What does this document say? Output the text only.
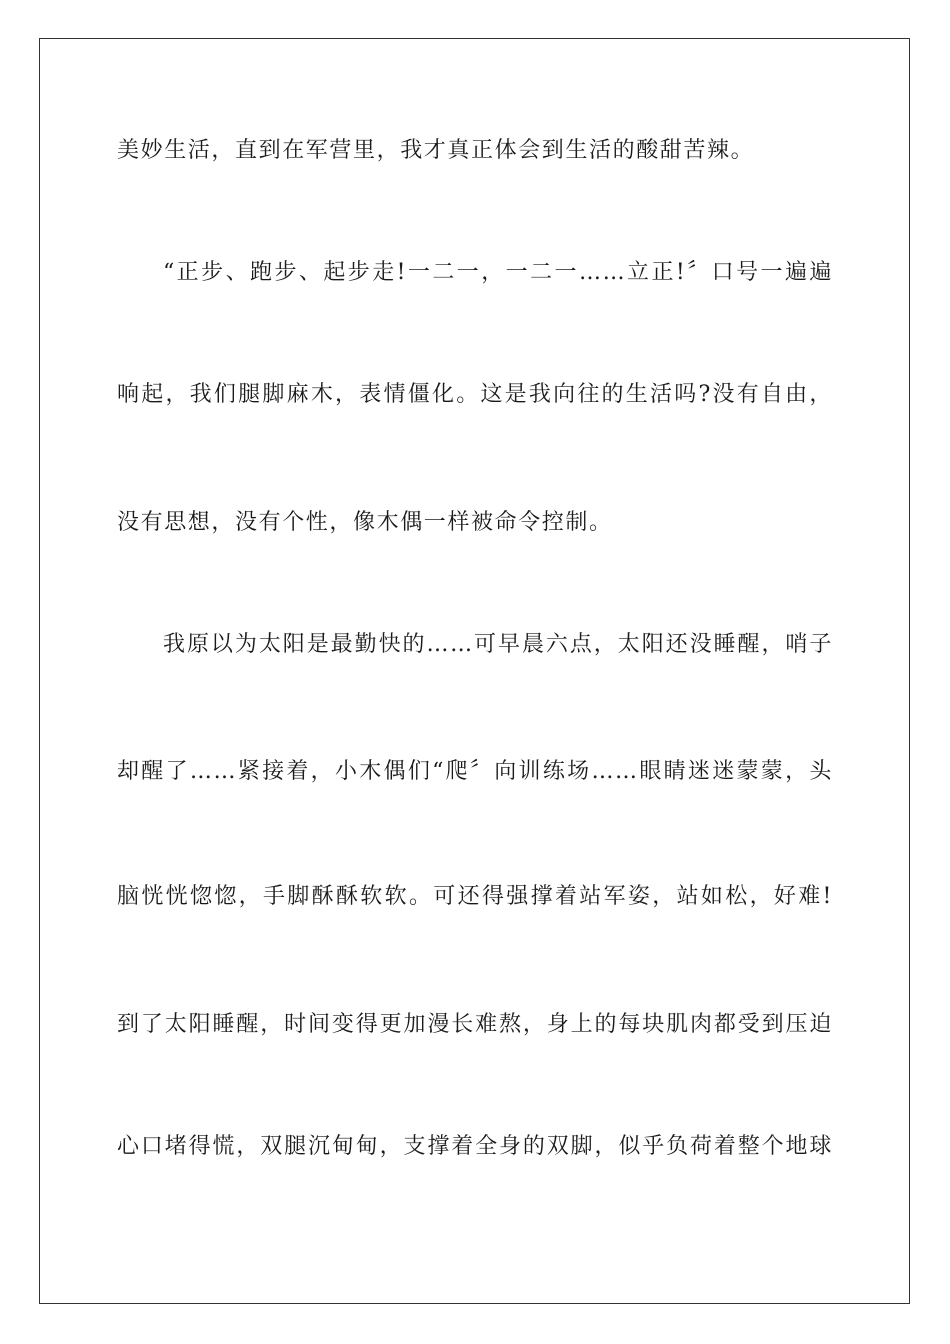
美妙生活，直到在军营里，我才真正体会到生活的酸甜苦辣。
“正步、跑步、起步走!一二一，一二一……立正!〞口号一遍遍
响起，我们腿脚麻木，表情僵化。这是我向往的生活吗?没有自由，
没有思想，没有个性，像木偶一样被命令控制。
我原以为太阳是最勤快的……可早晨六点，太阳还没睡醒，哨子
却醒了……紧接着，小木偶们“爬〞向训练场……眼睛迷迷蒙蒙，头
脑恍恍惚惚，手脚酥酥软软。可还得强撑着站军姿，站如松，好难!
到了太阳睡醒，时间变得更加漫长难熬，身上的每块肌肉都受到压迫
心口堵得慌，双腿沉甸甸，支撑着全身的双脚，似乎负荷着整个地球
